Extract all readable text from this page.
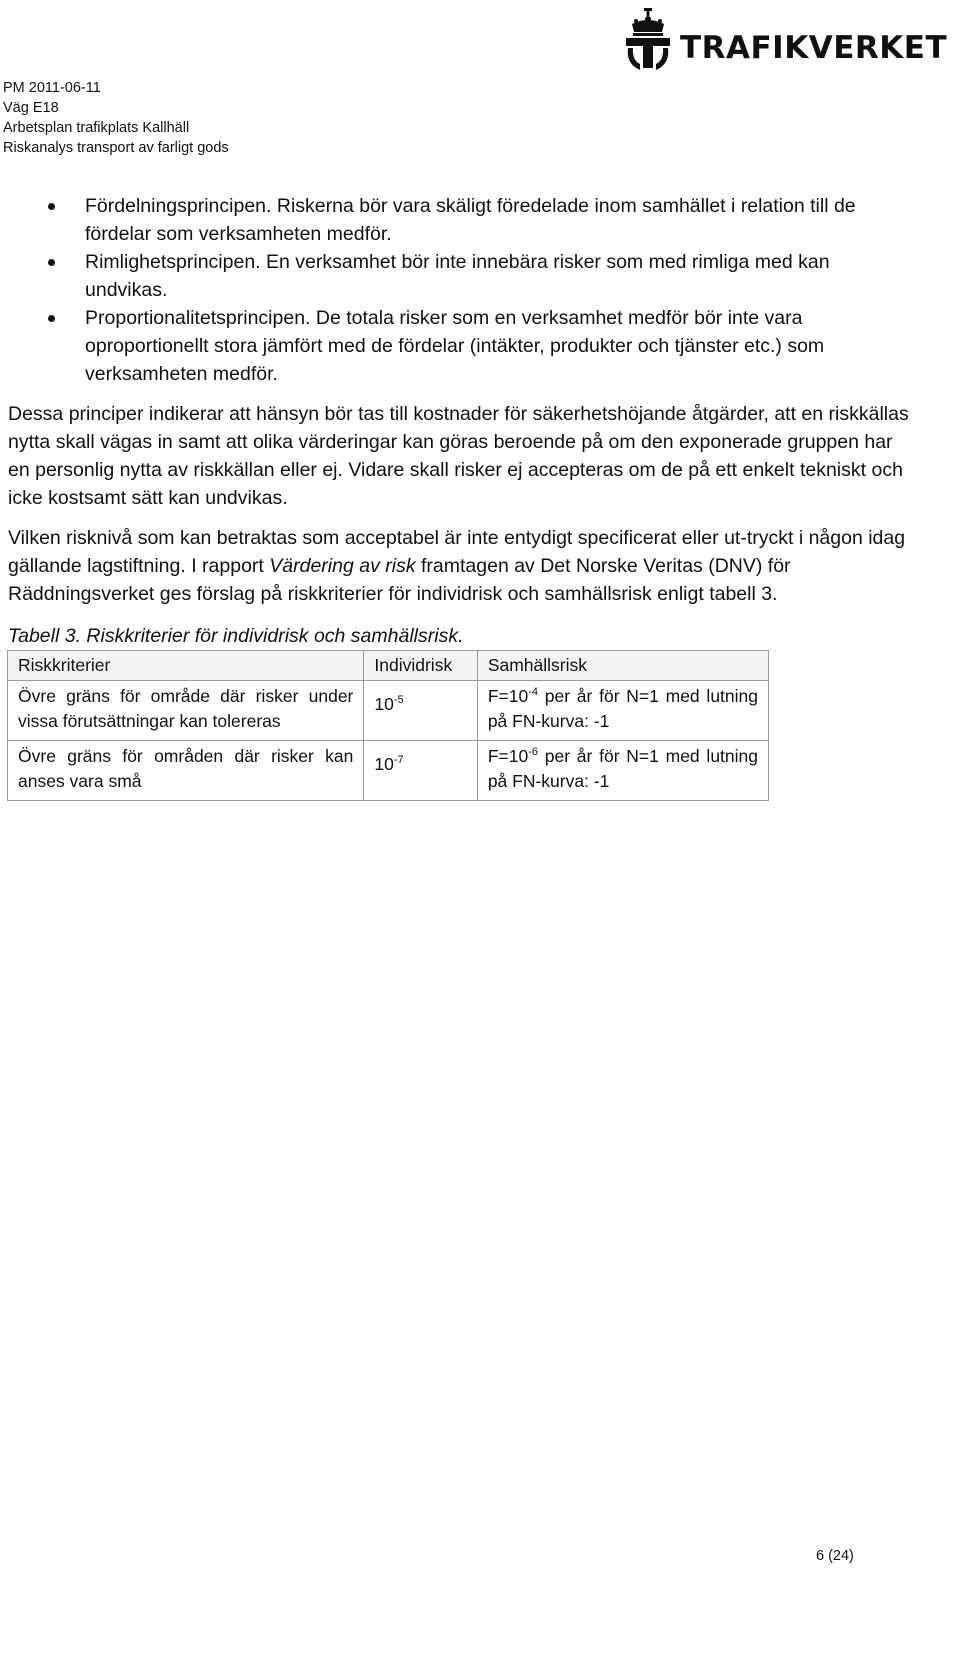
PM 2011-06-11
Väg E18
Arbetsplan trafikplats Kallhäll
Riskanalys transport av farligt gods
TRAFIKVERKET
Fördelningsprincipen. Riskerna bör vara skäligt föredelade inom samhället i relation till de fördelar som verksamheten medför.
Rimlighetsprincipen. En verksamhet bör inte innebära risker som med rimliga med kan undvikas.
Proportionalitetsprincipen. De totala risker som en verksamhet medför bör inte vara oproportionellt stora jämfört med de fördelar (intäkter, produkter och tjänster etc.) som verksamheten medför.

Dessa principer indikerar att hänsyn bör tas till kostnader för säkerhetshöjande åtgärder, att en riskkällas nytta skall vägas in samt att olika värderingar kan göras beroende på om den exponerade gruppen har en personlig nytta av riskkällan eller ej. Vidare skall risker ej accepteras om de på ett enkelt tekniskt och icke kostsamt sätt kan undvikas.

Vilken risknivå som kan betraktas som acceptabel är inte entydigt specificerat eller ut-tryckt i någon idag gällande lagstiftning. I rapport Värdering av risk framtagen av Det Norske Veritas (DNV) för Räddningsverket ges förslag på riskkriterier för individrisk och samhällsrisk enligt tabell 3.

Tabell 3. Riskkriterier för individrisk och samhällsrisk.

Riskkriterier	Individrisk	Samhällsrisk
Övre gräns för område där risker under vissa förutsättningar kan tolereras	$10^{-5}$	$F=10^{-4}$ per år för N=1 med lutning på FN-kurva: -1
Övre gräns för områden där risker kan anses vara små	$10^{-7}$	$F=10^{-6}$ per år för N=1 med lutning på FN-kurva: -1
6 (24)
